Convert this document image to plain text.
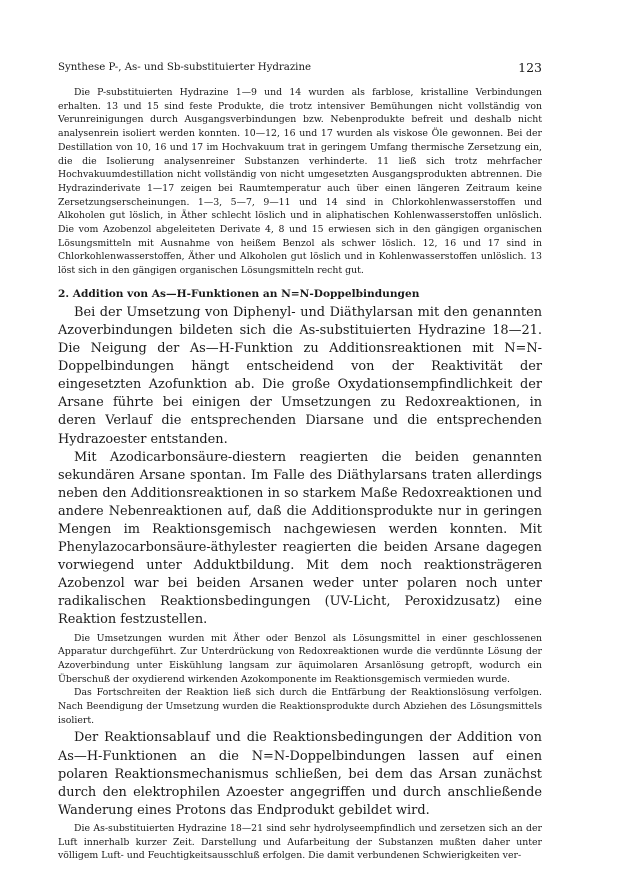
Synthese P-, As- und Sb-substituierter Hydrazine	123

Die P-substituierten Hydrazine 1—9 und 14 wurden als farblose, kristalline Verbindungen erhalten. 13 und 15 sind feste Produkte, die trotz intensiver Bemühungen nicht vollständig von Verunreinigungen durch Ausgangsverbindungen bzw. Nebenprodukte befreit und deshalb nicht analysenrein isoliert werden konnten. 10—12, 16 und 17 wurden als viskose Öle gewonnen. Bei der Destillation von 10, 16 und 17 im Hochvakuum trat in geringem Umfang thermische Zersetzung ein, die die Isolierung analysenreiner Substanzen verhinderte. 11 ließ sich trotz mehrfacher Hochvakuumdestillation nicht vollständig von nicht umgesetzten Ausgangsprodukten abtrennen. Die Hydrazinderivate 1—17 zeigen bei Raumtemperatur auch über einen längeren Zeitraum keine Zersetzungserscheinungen. 1—3, 5—7, 9—11 und 14 sind in Chlorkohlenwasserstoffen und Alkoholen gut löslich, in Äther schlecht löslich und in aliphatischen Kohlenwasserstoffen unlöslich. Die vom Azobenzol abgeleiteten Derivate 4, 8 und 15 erwiesen sich in den gängigen organischen Lösungsmitteln mit Ausnahme von heißem Benzol als schwer löslich. 12, 16 und 17 sind in Chlorkohlenwasserstoffen, Äther und Alkoholen gut löslich und in Kohlenwasserstoffen unlöslich. 13 löst sich in den gängigen organischen Lösungsmitteln recht gut.

2. Addition von As—H-Funktionen an N=N-Doppelbindungen

Bei der Umsetzung von Diphenyl- und Diäthylarsan mit den genannten Azoverbindungen bildeten sich die As-substituierten Hydrazine 18—21. Die Neigung der As—H-Funktion zu Additionsreaktionen mit N=N-Doppelbindungen hängt entscheidend von der Reaktivität der eingesetzten Azofunktion ab. Die große Oxydationsempfindlichkeit der Arsane führte bei einigen der Umsetzungen zu Redoxreaktionen, in deren Verlauf die entsprechenden Diarsane und die entsprechenden Hydrazoester entstanden.

Mit Azodicarbonsäure-diestern reagierten die beiden genannten sekundären Arsane spontan. Im Falle des Diäthylarsans traten allerdings neben den Additionsreaktionen in so starkem Maße Redoxreaktionen und andere Nebenreaktionen auf, daß die Additionsprodukte nur in geringen Mengen im Reaktionsgemisch nachgewiesen werden konnten. Mit Phenylazocarbonsäure-äthylester reagierten die beiden Arsane dagegen vorwiegend unter Adduktbildung. Mit dem noch reaktionsträgeren Azobenzol war bei beiden Arsanen weder unter polaren noch unter radikalischen Reaktionsbedingungen (UV-Licht, Peroxidzusatz) eine Reaktion festzustellen.

Die Umsetzungen wurden mit Äther oder Benzol als Lösungsmittel in einer geschlossenen Apparatur durchgeführt. Zur Unterdrückung von Redoxreaktionen wurde die verdünnte Lösung der Azoverbindung unter Eiskühlung langsam zur äquimolaren Arsanlösung getropft, wodurch ein Überschuß der oxydierend wirkenden Azokomponente im Reaktionsgemisch vermieden wurde.

Das Fortschreiten der Reaktion ließ sich durch die Entfärbung der Reaktionslösung verfolgen. Nach Beendigung der Umsetzung wurden die Reaktionsprodukte durch Abziehen des Lösungsmittels isoliert.

Der Reaktionsablauf und die Reaktionsbedingungen der Addition von As—H-Funktionen an die N=N-Doppelbindungen lassen auf einen polaren Reaktionsmechanismus schließen, bei dem das Arsan zunächst durch den elektrophilen Azoester angegriffen und durch anschließende Wanderung eines Protons das Endprodukt gebildet wird.

Die As-substituierten Hydrazine 18—21 sind sehr hydrolyseempfindlich und zersetzen sich an der Luft innerhalb kurzer Zeit. Darstellung und Aufarbeitung der Substanzen mußten daher unter völligem Luft- und Feuchtigkeitsausschluß erfolgen. Die damit verbundenen Schwierigkeiten ver-
